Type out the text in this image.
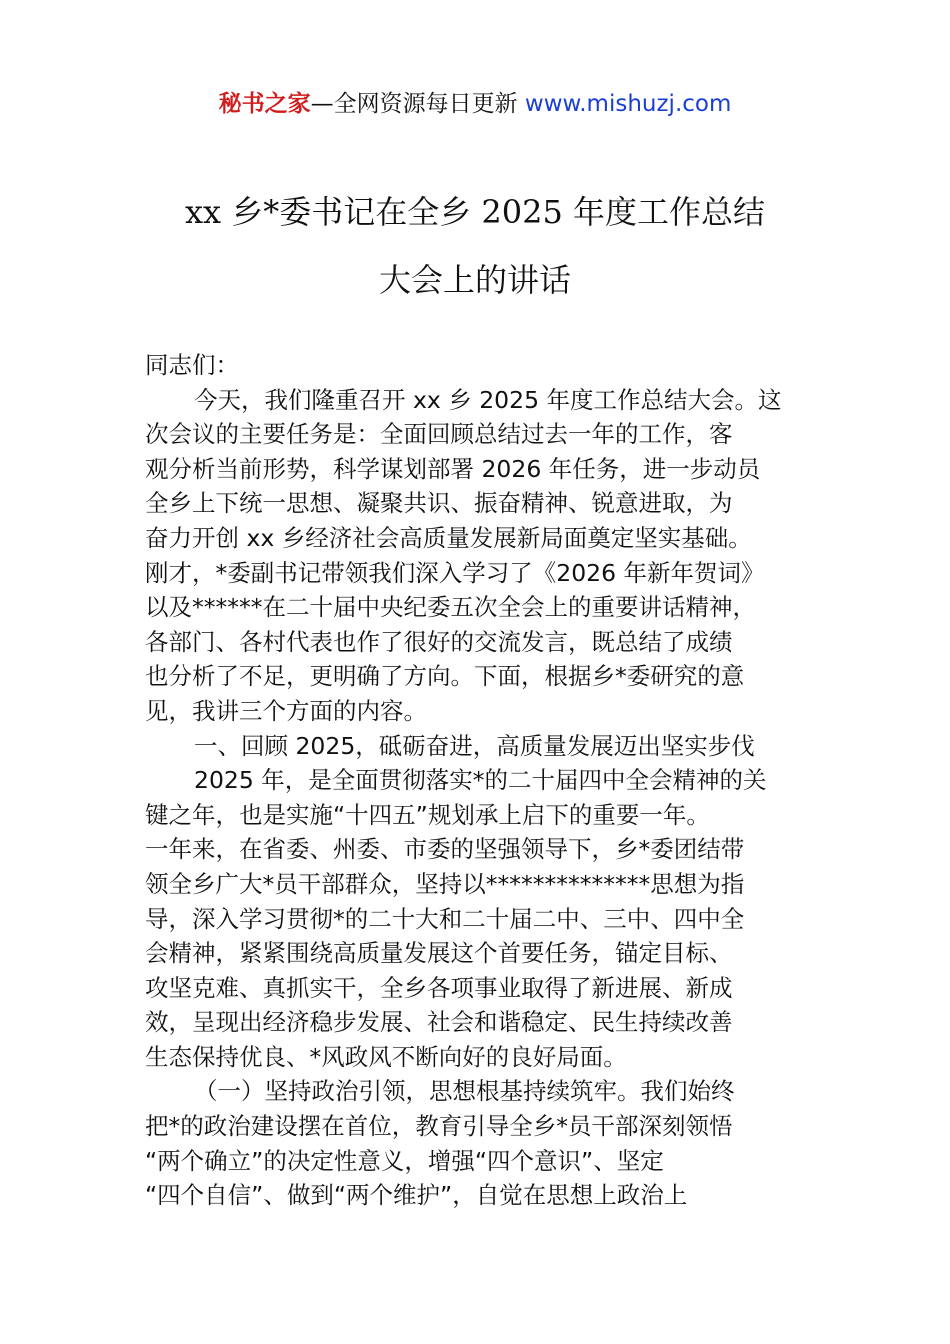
秘书之家—全网资源每日更新 www.mishuzj.com
xx 乡*委书记在全乡 2025 年度工作总结
大会上的讲话
同志们：
今天，我们隆重召开 xx 乡 2025 年度工作总结大会。这
次会议的主要任务是：全面回顾总结过去一年的工作，客
观分析当前形势，科学谋划部署 2026 年任务，进一步动员
全乡上下统一思想、凝聚共识、振奋精神、锐意进取，为
奋力开创 xx 乡经济社会高质量发展新局面奠定坚实基础。
刚才，*委副书记带领我们深入学习了《2026 年新年贺词》
以及******在二十届中央纪委五次全会上的重要讲话精神，
各部门、各村代表也作了很好的交流发言，既总结了成绩
也分析了不足，更明确了方向。下面，根据乡*委研究的意
见，我讲三个方面的内容。
一、回顾 2025，砥砺奋进，高质量发展迈出坚实步伐
2025 年，是全面贯彻落实*的二十届四中全会精神的关
键之年，也是实施“十四五”规划承上启下的重要一年。
一年来，在省委、州委、市委的坚强领导下，乡*委团结带
领全乡广大*员干部群众，坚持以**************思想为指
导，深入学习贯彻*的二十大和二十届二中、三中、四中全
会精神，紧紧围绕高质量发展这个首要任务，锚定目标、
攻坚克难、真抓实干，全乡各项事业取得了新进展、新成
效，呈现出经济稳步发展、社会和谐稳定、民生持续改善
生态保持优良、*风政风不断向好的良好局面。
（一）坚持政治引领，思想根基持续筑牢。我们始终
把*的政治建设摆在首位，教育引导全乡*员干部深刻领悟
“两个确立”的决定性意义，增强“四个意识”、坚定
“四个自信”、做到“两个维护”，自觉在思想上政治上
